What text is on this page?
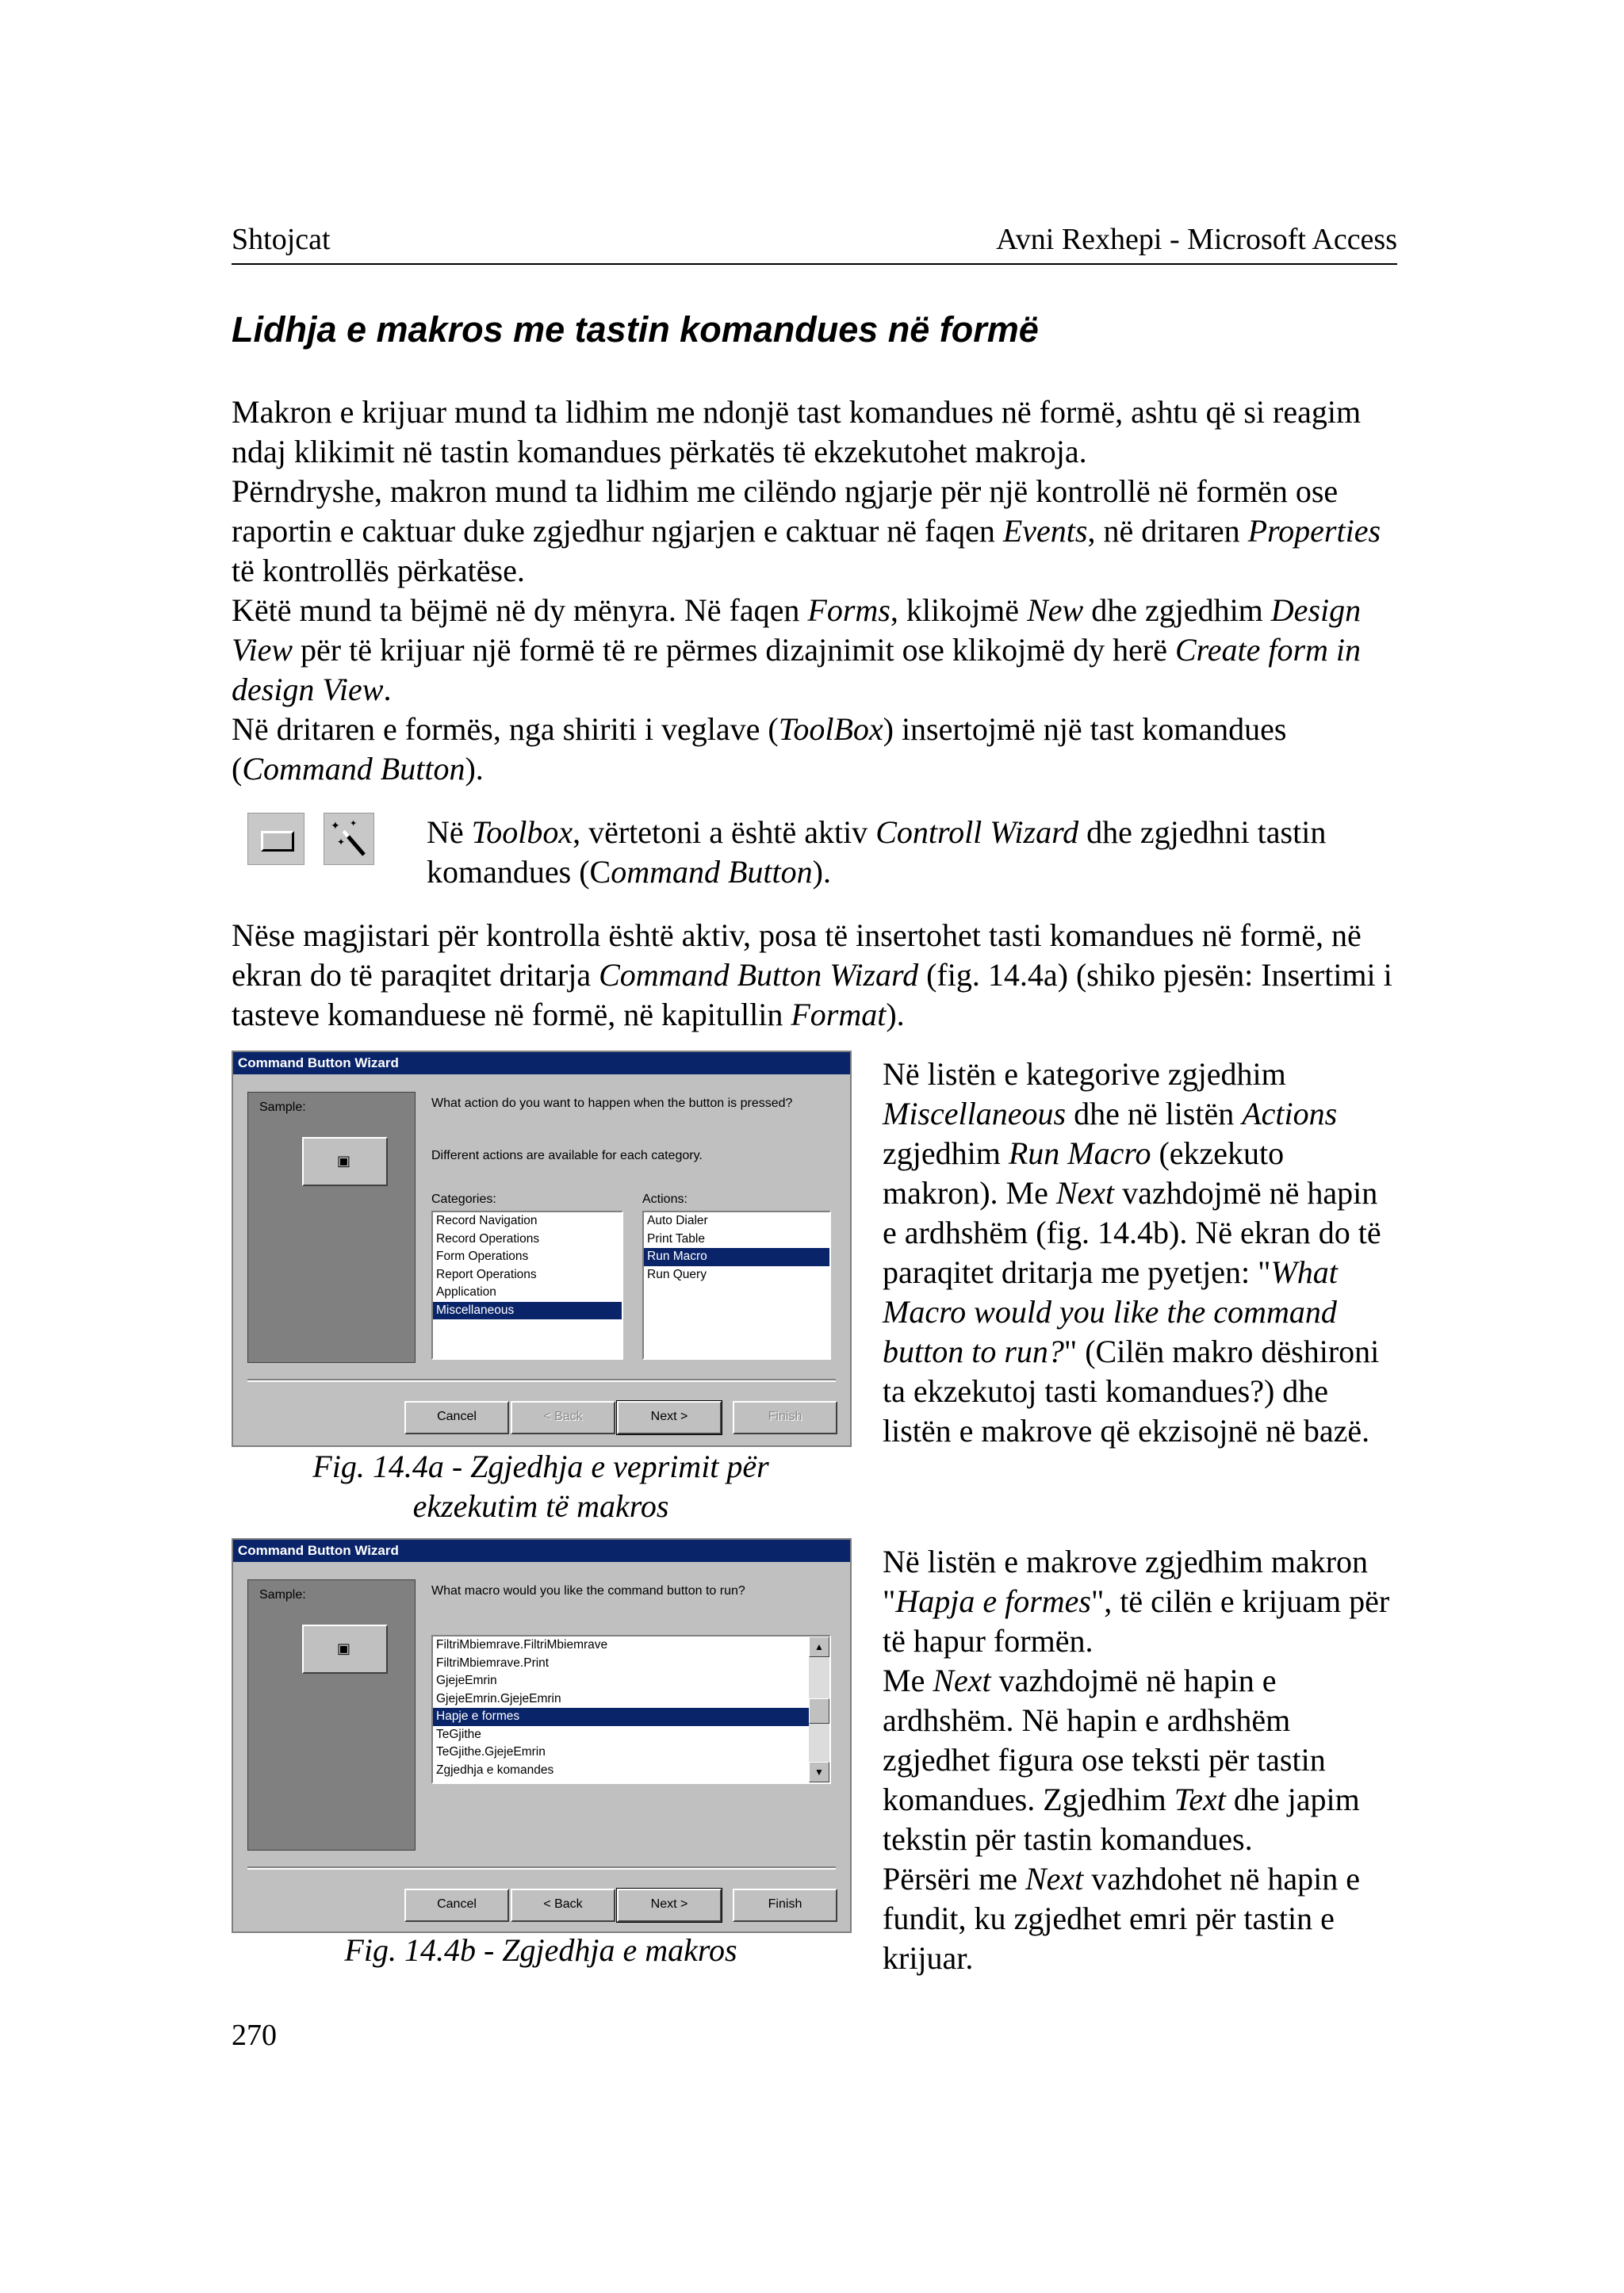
Shtojcat	Avni Rexhepi - Microsoft Access
Lidhja e makros me tastin komandues në formë

Makron e krijuar mund ta lidhim me ndonjë tast komandues në formë, ashtu që si reagim ndaj klikimit në tastin komandues përkatës të ekzekutohet makroja.

Përndryshe, makron mund ta lidhim me cilëndo ngjarje për një kontrollë në formën ose raportin e caktuar duke zgjedhur ngjarjen e caktuar në faqen Events, në dritaren Properties të kontrollës përkatëse.

Këtë mund ta bëjmë në dy mënyra. Në faqen Forms, klikojmë New dhe zgjedhim Design View për të krijuar një formë të re përmes dizajnimit ose klikojmë dy herë Create form in design View.

Në dritaren e formës, nga shiriti i veglave (ToolBox) insertojmë një tast komandues (Command Button).

✦
✦
✦ Në Toolbox, vërtetoni a është aktiv Controll Wizard dhe zgjedhni tastin komandues (Command Button).

Nëse magjistari për kontrolla është aktiv, posa të insertohet tasti komandues në formë, në ekran do të paraqitet dritarja Command Button Wizard (fig. 14.4a) (shiko pjesën: Insertimi i tasteve komanduese në formë, në kapitullin Format).

Command Button Wizard
Sample:
▣
What action do you want to happen when the button is pressed?
Different actions are available for each category.
Categories:	Actions:
Record Navigation
Record Operations
Form Operations
Report Operations
Application
Miscellaneous
Auto Dialer
Print Table
Run Macro
Run Query
Cancel	< Back	Next >	Finish
Fig. 14.4a - Zgjedhja e veprimit për
ekzekutim të makros
Command Button Wizard
Sample:
▣
What macro would you like the command button to run?
FiltriMbiemrave.FiltriMbiemrave
FiltriMbiemrave.Print
GjejeEmrin
GjejeEmrin.GjejeEmrin
Hapje e formes
TeGjithe
TeGjithe.GjejeEmrin
Zgjedhja e komandes
▲
▼
Cancel	< Back	Next >	Finish
Fig. 14.4b - Zgjedhja e makros

Në listën e kategorive zgjedhim Miscellaneous dhe në listën Actions zgjedhim Run Macro (ekzekuto makron). Me Next vazhdojmë në hapin e ardhshëm (fig. 14.4b). Në ekran do të paraqitet dritarja me pyetjen: "What Macro would you like the command button to run?" (Cilën makro dëshironi ta ekzekutoj tasti komandues?) dhe listën e makrove që ekzisojnë në bazë.

Në listën e makrove zgjedhim makron "Hapja e formes", të cilën e krijuam për të hapur formën.

Me Next vazhdojmë në hapin e ardhshëm. Në hapin e ardhshëm zgjedhet figura ose teksti për tastin komandues. Zgjedhim Text dhe japim tekstin për tastin komandues.

Përsëri me Next vazhdohet në hapin e fundit, ku zgjedhet emri për tastin e krijuar.

270
